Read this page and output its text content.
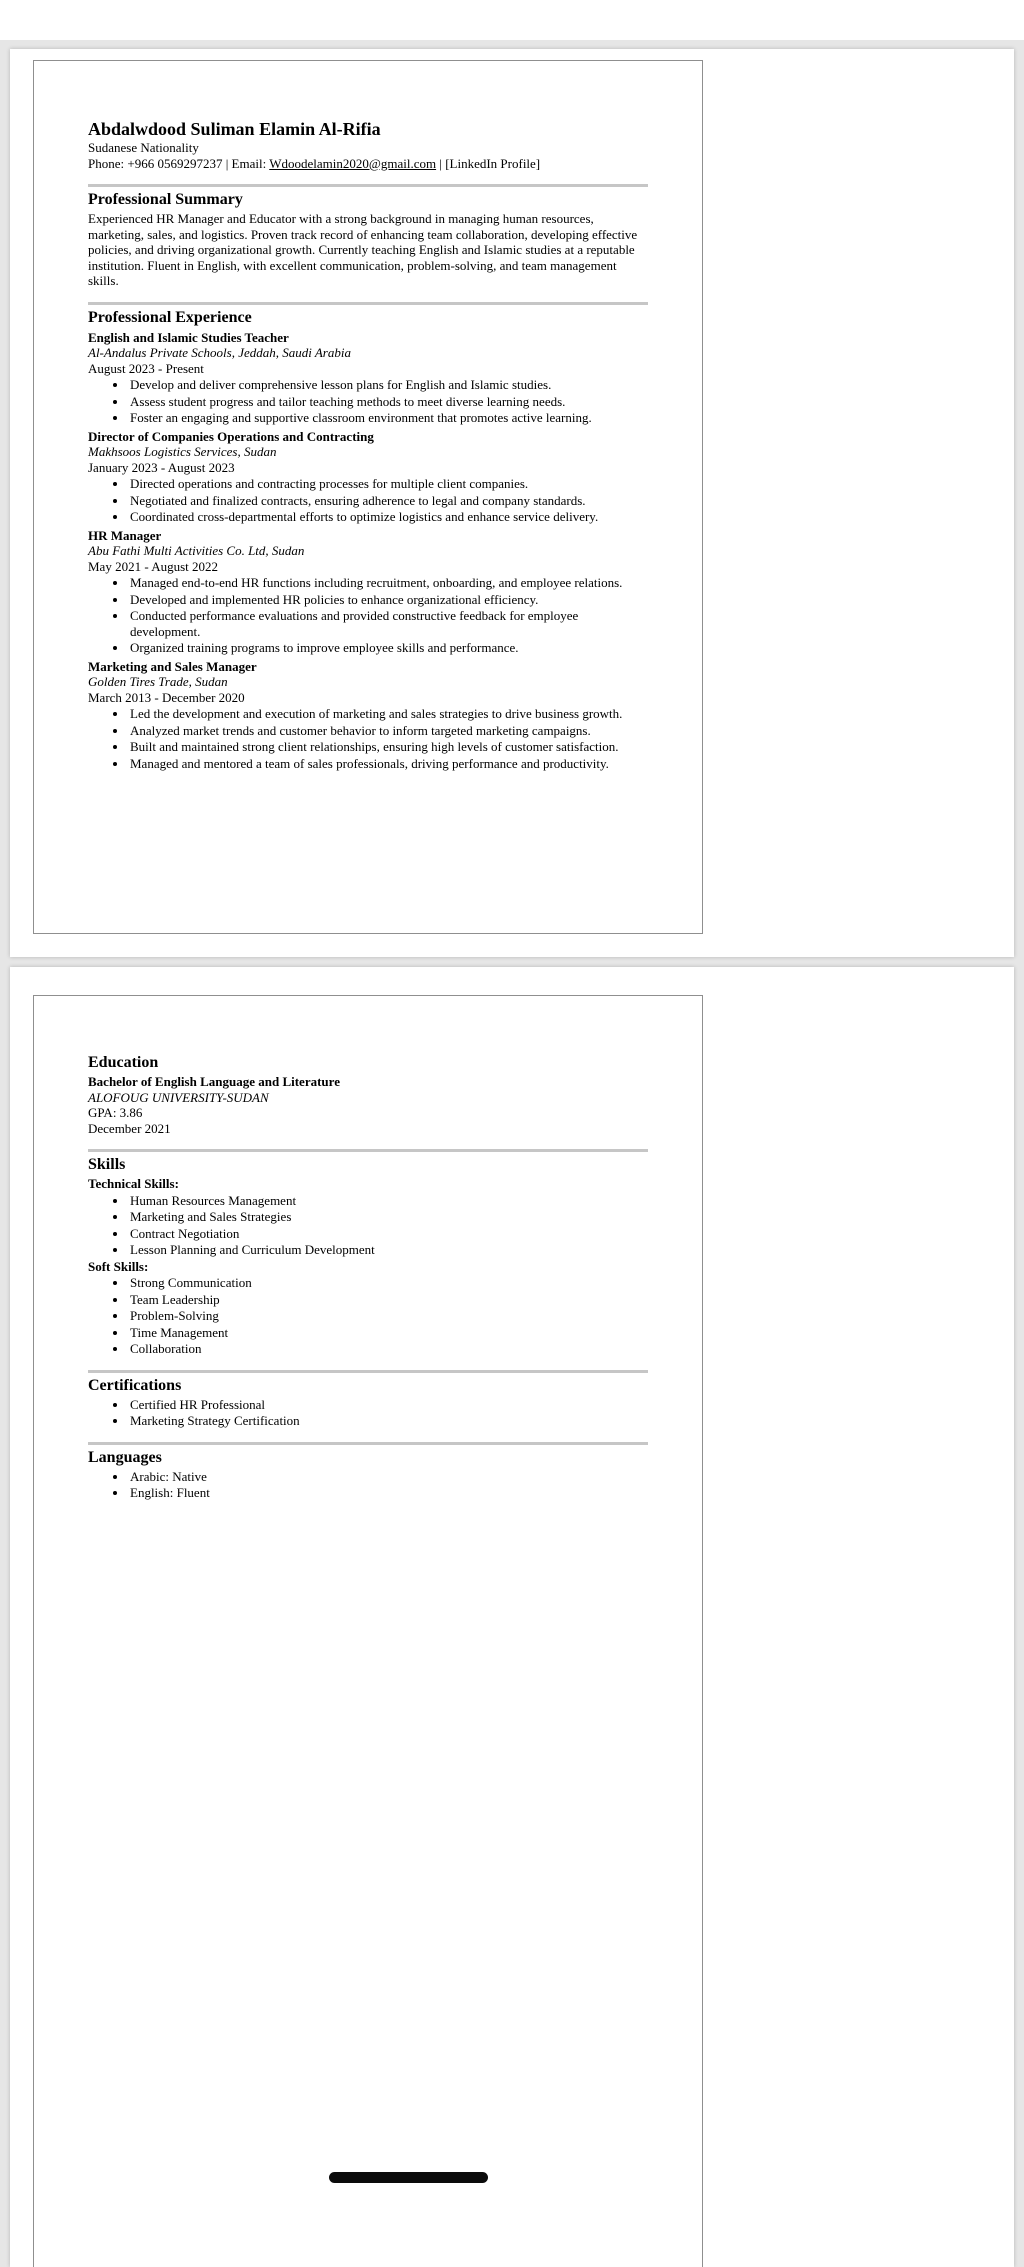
Abdalwdood Suliman Elamin Al-Rifia
Sudanese Nationality
Phone: +966 0569297237 | Email: Wdoodelamin2020@gmail.com | [LinkedIn Profile]
Professional Summary
Experienced HR Manager and Educator with a strong background in managing human resources, marketing, sales, and logistics. Proven track record of enhancing team collaboration, developing effective policies, and driving organizational growth. Currently teaching English and Islamic studies at a reputable institution. Fluent in English, with excellent communication, problem-solving, and team management skills.
Professional Experience
English and Islamic Studies Teacher
Al-Andalus Private Schools, Jeddah, Saudi Arabia
August 2023 - Present
• Develop and deliver comprehensive lesson plans for English and Islamic studies.
• Assess student progress and tailor teaching methods to meet diverse learning needs.
• Foster an engaging and supportive classroom environment that promotes active learning.
Director of Companies Operations and Contracting
Makhsoos Logistics Services, Sudan
January 2023 - August 2023
• Directed operations and contracting processes for multiple client companies.
• Negotiated and finalized contracts, ensuring adherence to legal and company standards.
• Coordinated cross-departmental efforts to optimize logistics and enhance service delivery.
HR Manager
Abu Fathi Multi Activities Co. Ltd, Sudan
May 2021 - August 2022
• Managed end-to-end HR functions including recruitment, onboarding, and employee relations.
• Developed and implemented HR policies to enhance organizational efficiency.
• Conducted performance evaluations and provided constructive feedback for employee development.
• Organized training programs to improve employee skills and performance.
Marketing and Sales Manager
Golden Tires Trade, Sudan
March 2013 - December 2020
• Led the development and execution of marketing and sales strategies to drive business growth.
• Analyzed market trends and customer behavior to inform targeted marketing campaigns.
• Built and maintained strong client relationships, ensuring high levels of customer satisfaction.
• Managed and mentored a team of sales professionals, driving performance and productivity.
Education
Bachelor of English Language and Literature
ALOFOUG UNIVERSITY-SUDAN
GPA: 3.86
December 2021
Skills
Technical Skills:
• Human Resources Management
• Marketing and Sales Strategies
• Contract Negotiation
• Lesson Planning and Curriculum Development
Soft Skills:
• Strong Communication
• Team Leadership
• Problem-Solving
• Time Management
• Collaboration
Certifications
• Certified HR Professional
• Marketing Strategy Certification
Languages
• Arabic: Native
• English: Fluent
